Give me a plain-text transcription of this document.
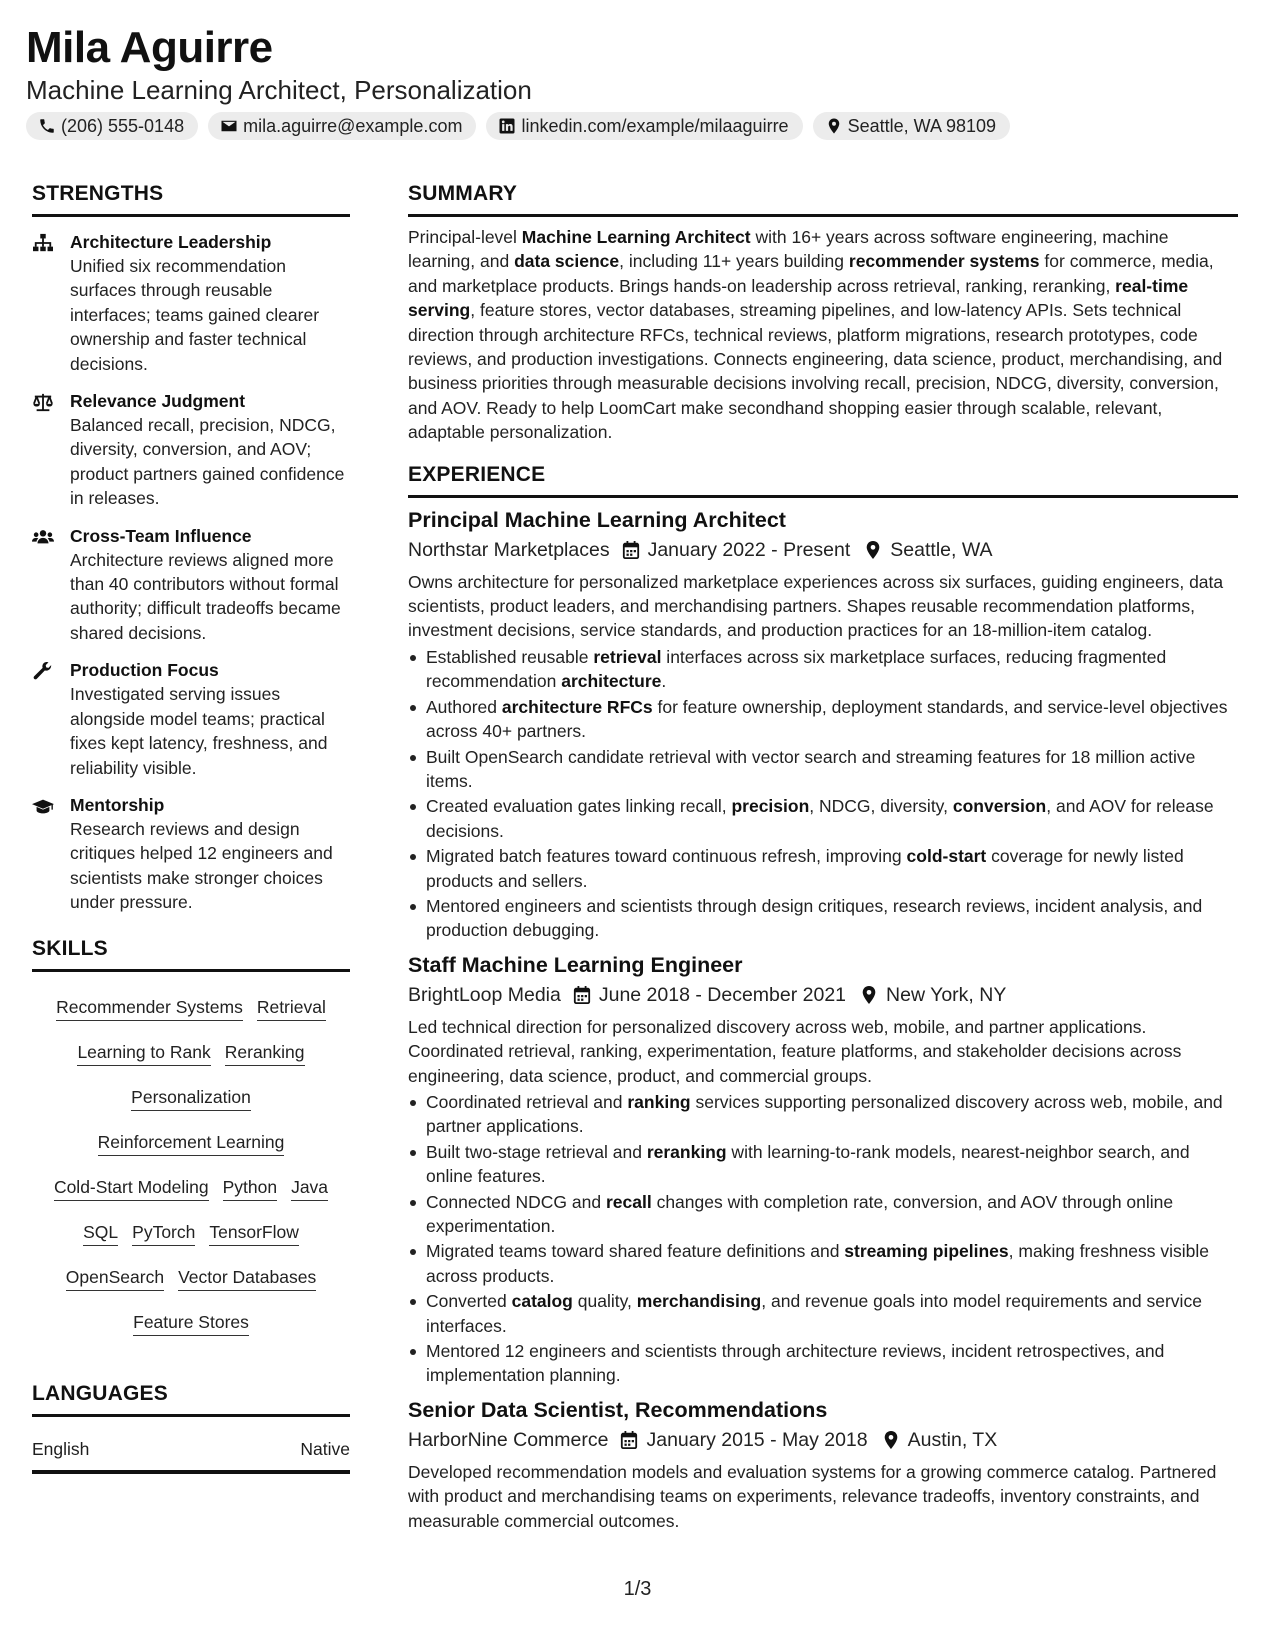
Mila Aguirre
Machine Learning Architect, Personalization
(206) 555-0148	mila.aguirre@example.com	linkedin.com/example/milaaguirre	Seattle, WA 98109
STRENGTHS
Architecture Leadership
Unified six recommendation surfaces through reusable interfaces; teams gained clearer ownership and faster technical decisions.
Relevance Judgment
Balanced recall, precision, NDCG, diversity, conversion, and AOV; product partners gained confidence in releases.
Cross-Team Influence
Architecture reviews aligned more than 40 contributors without formal authority; difficult tradeoffs became shared decisions.
Production Focus
Investigated serving issues alongside model teams; practical fixes kept latency, freshness, and reliability visible.
Mentorship
Research reviews and design critiques helped 12 engineers and scientists make stronger choices under pressure.
SKILLS
Recommender Systems Retrieval
Learning to Rank Reranking
Personalization
Reinforcement Learning
Cold-Start Modeling Python Java
SQL PyTorch TensorFlow
OpenSearch Vector Databases
Feature Stores
LANGUAGES
English	Native
SUMMARY
Principal-level Machine Learning Architect with 16+ years across software engineering, machine learning, and data science, including 11+ years building recommender systems for commerce, media, and marketplace products. Brings hands-on leadership across retrieval, ranking, reranking, real-time serving, feature stores, vector databases, streaming pipelines, and low-latency APIs. Sets technical direction through architecture RFCs, technical reviews, platform migrations, research prototypes, code reviews, and production investigations. Connects engineering, data science, product, merchandising, and business priorities through measurable decisions involving recall, precision, NDCG, diversity, conversion, and AOV. Ready to help LoomCart make secondhand shopping easier through scalable, relevant, adaptable personalization.
EXPERIENCE
Principal Machine Learning Architect
Northstar Marketplaces January 2022 - Present Seattle, WA
Owns architecture for personalized marketplace experiences across six surfaces, guiding engineers, data scientists, product leaders, and merchandising partners. Shapes reusable recommendation platforms, investment decisions, service standards, and production practices for an 18-million-item catalog.
Established reusable retrieval interfaces across six marketplace surfaces, reducing fragmented recommendation architecture.
Authored architecture RFCs for feature ownership, deployment standards, and service-level objectives across 40+ partners.
Built OpenSearch candidate retrieval with vector search and streaming features for 18 million active items.
Created evaluation gates linking recall, precision, NDCG, diversity, conversion, and AOV for release decisions.
Migrated batch features toward continuous refresh, improving cold-start coverage for newly listed products and sellers.
Mentored engineers and scientists through design critiques, research reviews, incident analysis, and production debugging.
Staff Machine Learning Engineer
BrightLoop Media June 2018 - December 2021 New York, NY
Led technical direction for personalized discovery across web, mobile, and partner applications. Coordinated retrieval, ranking, experimentation, feature platforms, and stakeholder decisions across engineering, data science, product, and commercial groups.
Coordinated retrieval and ranking services supporting personalized discovery across web, mobile, and partner applications.
Built two-stage retrieval and reranking with learning-to-rank models, nearest-neighbor search, and online features.
Connected NDCG and recall changes with completion rate, conversion, and AOV through online experimentation.
Migrated teams toward shared feature definitions and streaming pipelines, making freshness visible across products.
Converted catalog quality, merchandising, and revenue goals into model requirements and service interfaces.
Mentored 12 engineers and scientists through architecture reviews, incident retrospectives, and implementation planning.
Senior Data Scientist, Recommendations
HarborNine Commerce January 2015 - May 2018 Austin, TX
Developed recommendation models and evaluation systems for a growing commerce catalog. Partnered with product and merchandising teams on experiments, relevance tradeoffs, inventory constraints, and measurable commercial outcomes.
1/3
